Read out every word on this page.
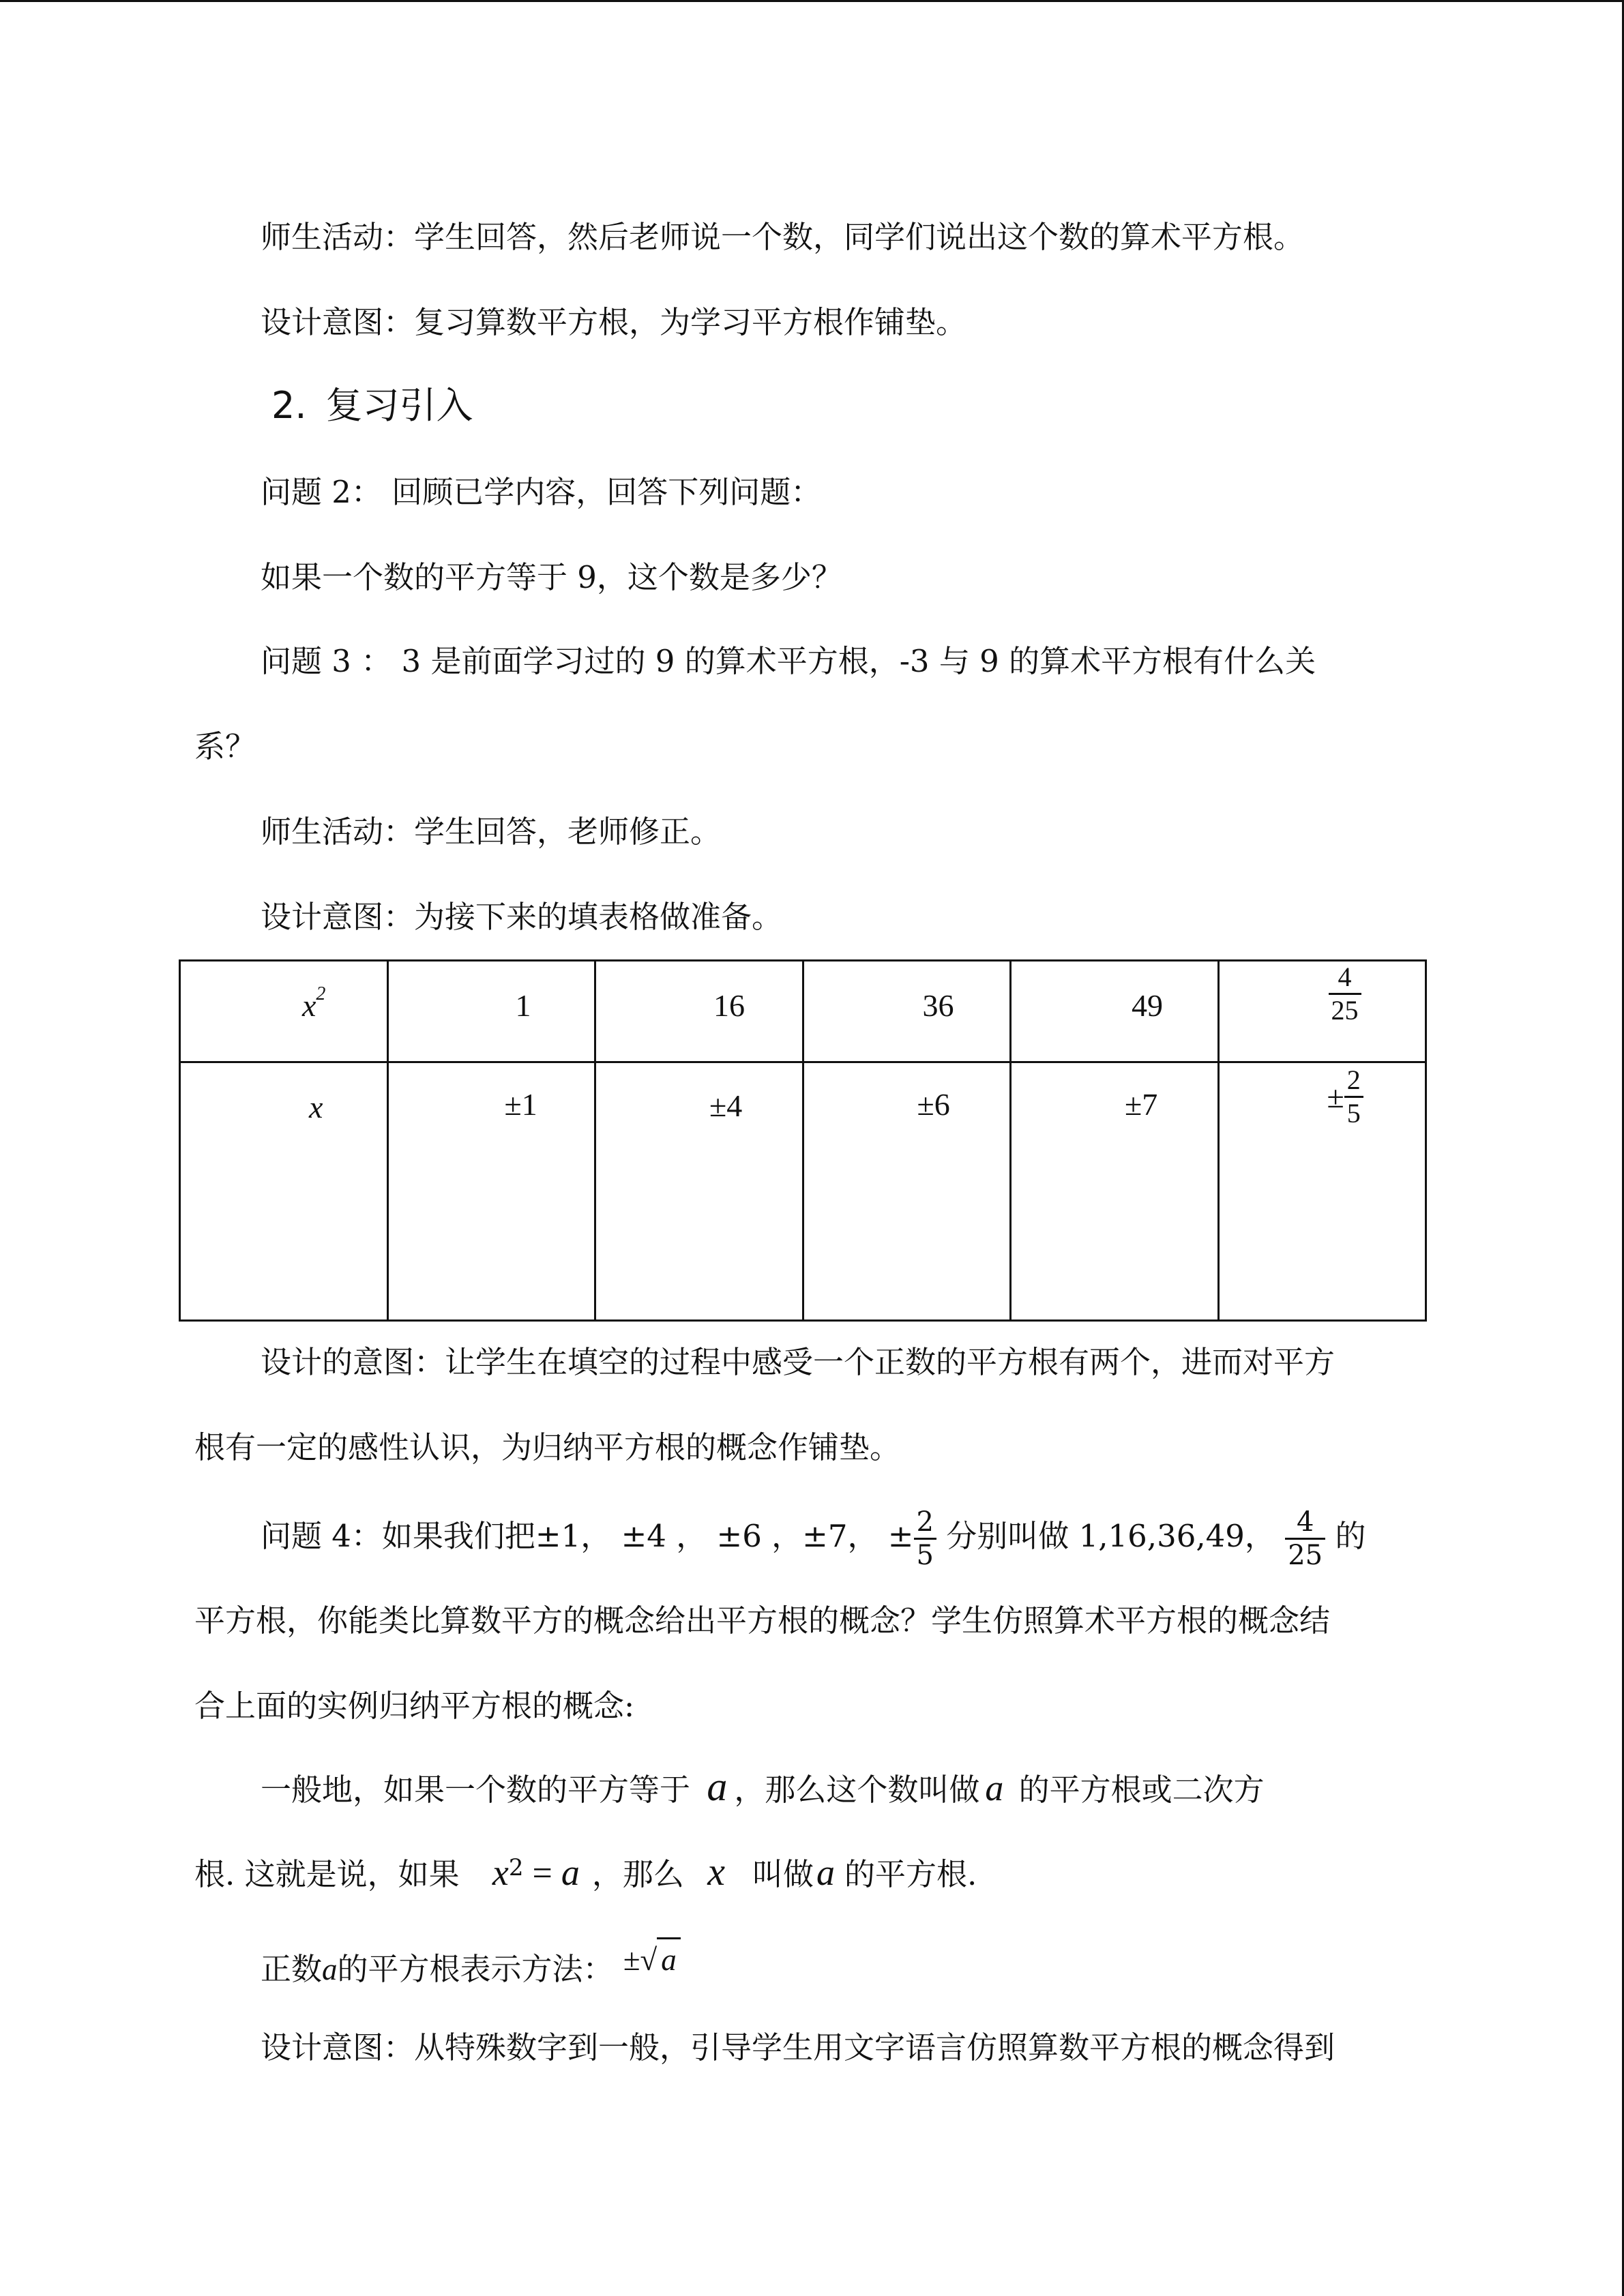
师生活动：学生回答，然后老师说一个数，同学们说出这个数的算术平方根。
设计意图：复习算数平方根，为学习平方根作铺垫。
2. 复习引入
问题 2： 回顾已学内容，回答下列问题：
如果一个数的平方等于 9，这个数是多少？
问题 3 ： 3 是前面学习过的 9 的算术平方根，-3 与 9 的算术平方根有什么关
系？
师生活动：学生回答，老师修正。
设计意图：为接下来的填表格做准备。
$x^2$	1	16	36	49	$\frac{4}{25}$

x	±1	±4	±6	±7	± $\frac{2}{5}$
设计的意图：让学生在填空的过程中感受一个正数的平方根有两个，进而对平方
根有一定的感性认识，为归纳平方根的概念作铺垫。
问题 4：如果我们把±1， ±4 ， ±6 ，±7， ± $\frac{2}{5}$ 分别叫做 1,16,36,49， $\frac{4}{25}$ 的
平方根，你能类比算数平方的概念给出平方根的概念？学生仿照算术平方根的概念结
合上面的实例归纳平方根的概念:
一般地，如果一个数的平方等于 a ，那么这个数叫做 a 的平方根或二次方
根. 这就是说，如果 $x^2 = a$ ，那么 x 叫做a 的平方根.
正数a的平方根表示方法： ±√ a
设计意图：从特殊数字到一般，引导学生用文字语言仿照算数平方根的概念得到
